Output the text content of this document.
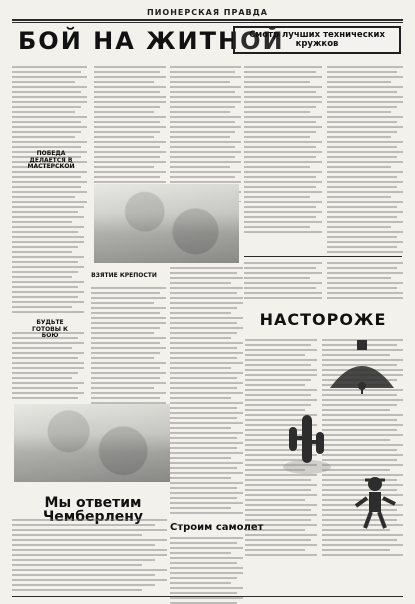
ПИОНЕРСКАЯ ПРАВДА
БОЙ НА ЖИТНОЙ
Смотр лучших технических кружков
ПОБЕДА ДЕЛАЕТСЯ В МАСТЕРСКОЙ
ВЗЯТИЕ КРЕПОСТИ
НАСТОРОЖЕ
Мы ответим Чемберлену
БУДЬТЕ ГОТОВЫ К БОЮ
Строим самолет
